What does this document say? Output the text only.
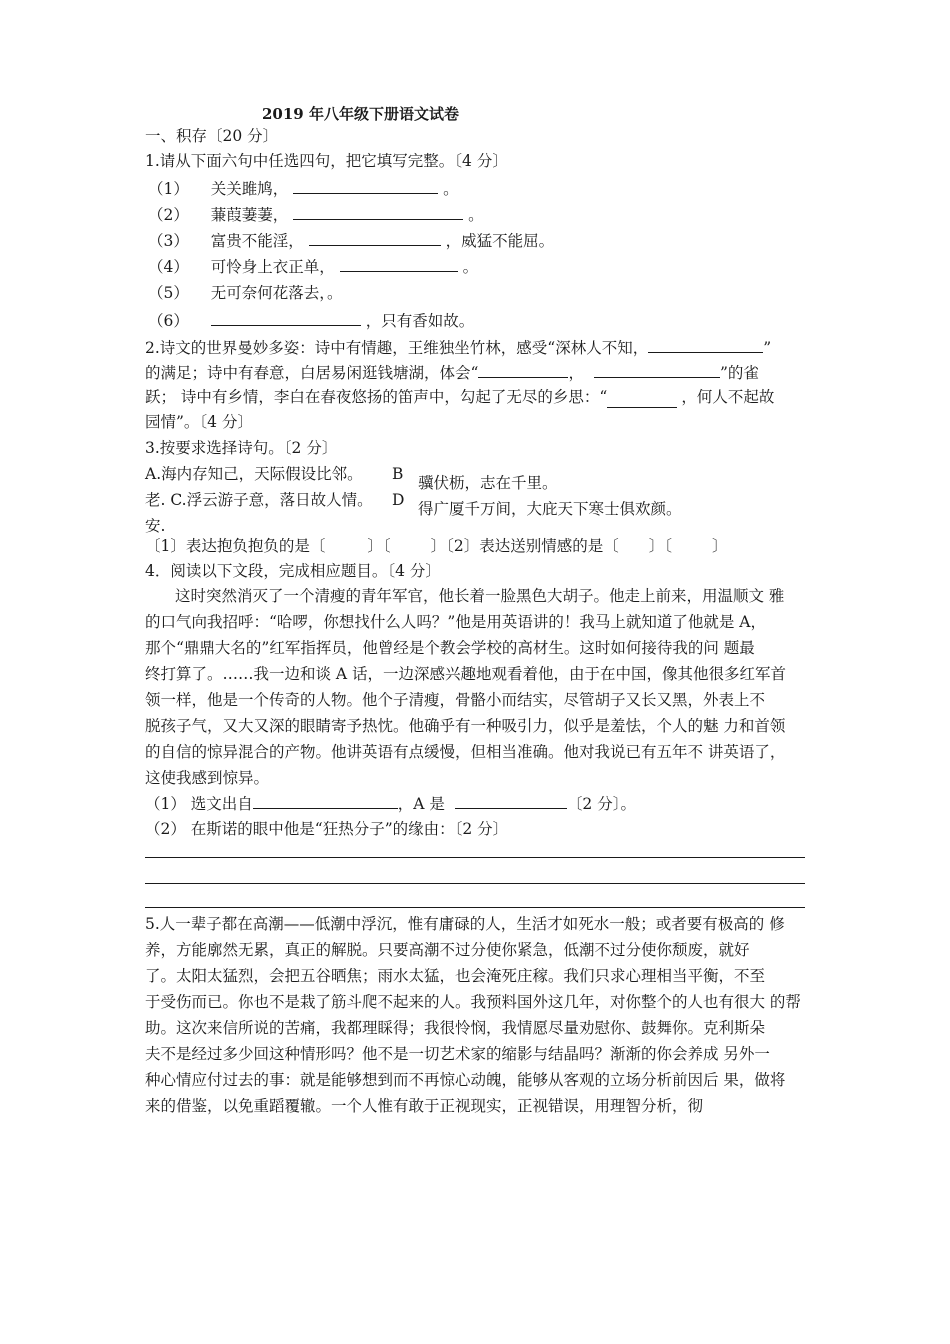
2019 年八年级下册语文试卷
一、积存〔20 分〕
1.请从下面六句中任选四句，把它填写完整。〔4 分〕
（1） 关关雎鸠，	。
（2） 蒹葭萋萋，	。
（3） 富贵不能淫，	，威猛不能屈。
（4） 可怜身上衣正单，	。
（5） 无可奈何花落去，。
（6）	，只有香如故。
2.诗文的世界曼妙多姿：诗中有情趣，王维独坐竹林，感受“深林人不知，	”
的满足；诗中有春意，白居易闲逛钱塘湖，体会“	，	”的雀
跃； 诗中有乡情，李白在春夜悠扬的笛声中，勾起了无尽的乡思：“	，何人不起故
园情”。〔4 分〕
3.按要求选择诗句。〔2 分〕
A.海内存知己，天际假设比邻。 B 骥伏枥，志在千里。
老. C.浮云游子意，落日故人情。 D 得广厦千万间，大庇天下寒士俱欢颜。
安.
〔1〕表达抱负抱负的是〔	〕〔	〕〔2〕表达送别情感的是〔 〕〔	〕
4．阅读以下文段，完成相应题目。〔4 分〕
这时突然消灭了一个清瘦的青年军官，他长着一脸黑色大胡子。他走上前来，用温顺文 雅
的口气向我招呼：“哈啰，你想找什么人吗？”他是用英语讲的！我马上就知道了他就是 A，
那个“鼎鼎大名的”红军指挥员，他曾经是个教会学校的高材生。这时如何接待我的问 题最
终打算了。……我一边和谈 A 话，一边深感兴趣地观看着他，由于在中国，像其他很多红军首
领一样，他是一个传奇的人物。他个子清瘦，骨骼小而结实，尽管胡子又长又黑，外表上不
脱孩子气，又大又深的眼睛寄予热忱。他确乎有一种吸引力，似乎是羞怯，个人的魅 力和首领
的自信的惊异混合的产物。他讲英语有点缓慢，但相当准确。他对我说已有五年不 讲英语了，
这使我感到惊异。
（1） 选文出自	，A 是	〔2 分〕。
（2） 在斯诺的眼中他是“狂热分子”的缘由：〔2 分〕
5.人一辈子都在高潮——低潮中浮沉，惟有庸碌的人，生活才如死水一般；或者要有极高的 修
养，方能廓然无累，真正的解脱。只要高潮不过分使你紧急，低潮不过分使你颓废，就好
了。太阳太猛烈，会把五谷晒焦；雨水太猛，也会淹死庄稼。我们只求心理相当平衡，不至
于受伤而已。你也不是栽了筋斗爬不起来的人。我预料国外这几年，对你整个的人也有很大 的帮
助。这次来信所说的苦痛，我都理睬得；我很怜悯，我情愿尽量劝慰你、鼓舞你。克利斯朵
夫不是经过多少回这种情形吗？他不是一切艺术家的缩影与结晶吗？渐渐的你会养成 另外一
种心情应付过去的事：就是能够想到而不再惊心动魄，能够从客观的立场分析前因后 果，做将
来的借鉴，以免重蹈覆辙。一个人惟有敢于正视现实，正视错误，用理智分析，彻
